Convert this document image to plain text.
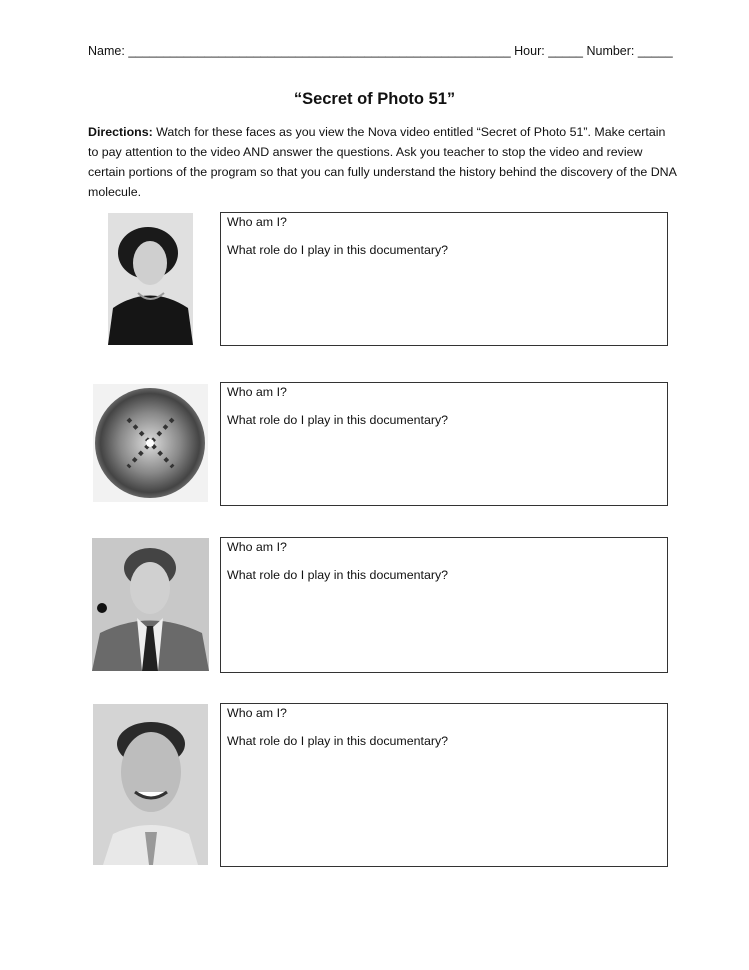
Name: _______________________________________________________ Hour: _____ Number: _____
“Secret of Photo 51”
Directions: Watch for these faces as you view the Nova video entitled “Secret of Photo 51”. Make certain to pay attention to the video AND answer the questions. Ask you teacher to stop the video and review certain portions of the program so that you can fully understand the history behind the discovery of the DNA molecule.
Who am I?
What role do I play in this documentary?
Who am I?
What role do I play in this documentary?
Who am I?
What role do I play in this documentary?
Who am I?
What role do I play in this documentary?
